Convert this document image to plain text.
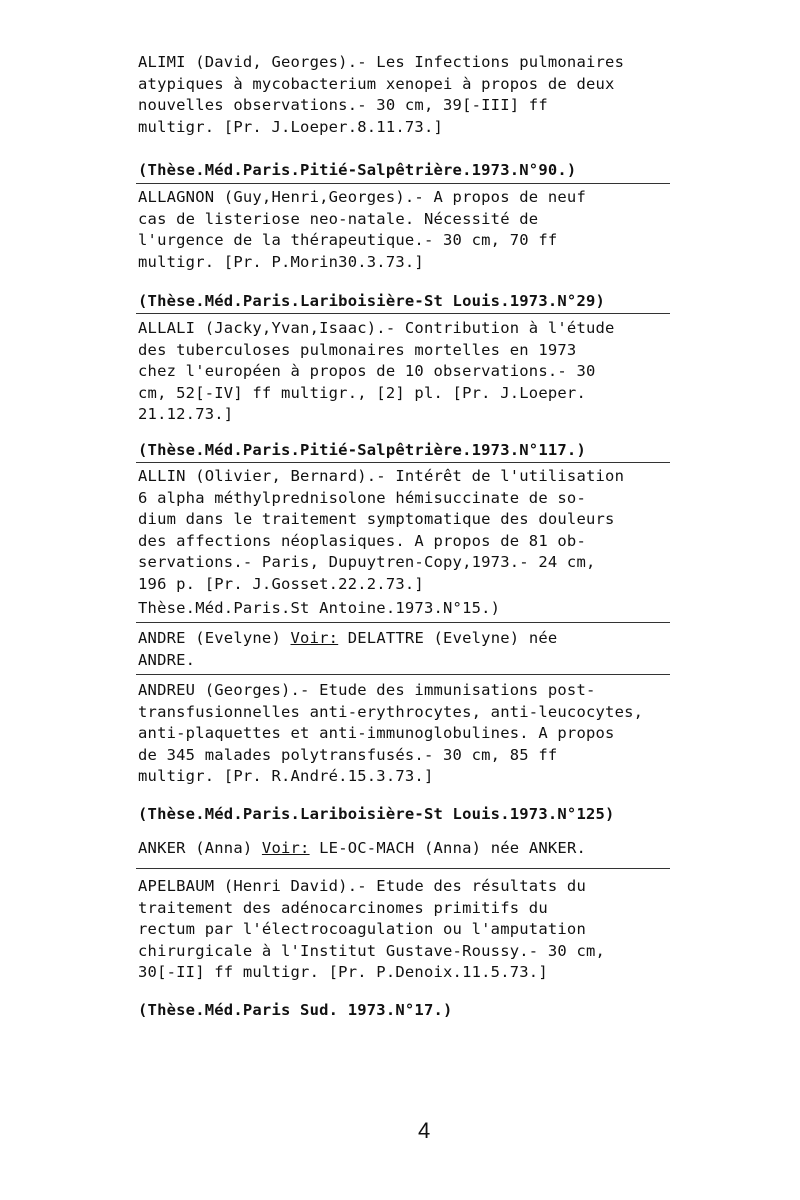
ALIMI (David, Georges).- Les Infections pulmonaires
atypiques à mycobacterium xenopei à propos de deux
nouvelles observations.- 30 cm, 39[-III] ff
multigr. [Pr. J.Loeper.8.11.73.]
(Thèse.Méd.Paris.Pitié-Salpêtrière.1973.N°90.)
ALLAGNON (Guy,Henri,Georges).- A propos de neuf
cas de listeriose neo-natale. Nécessité de
l'urgence de la thérapeutique.- 30 cm, 70 ff
multigr. [Pr. P.Morin30.3.73.]
(Thèse.Méd.Paris.Lariboisière-St Louis.1973.N°29)
ALLALI (Jacky,Yvan,Isaac).- Contribution à l'étude
des tuberculoses pulmonaires mortelles en 1973
chez l'européen à propos de 10 observations.- 30
cm, 52[-IV] ff multigr., [2] pl. [Pr. J.Loeper.
21.12.73.]
(Thèse.Méd.Paris.Pitié-Salpêtrière.1973.N°117.)
ALLIN (Olivier, Bernard).- Intérêt de l'utilisation
6 alpha méthylprednisolone hémisuccinate de so-
dium dans le traitement symptomatique des douleurs
des affections néoplasiques. A propos de 81 ob-
servations.- Paris, Dupuytren-Copy,1973.- 24 cm,
196 p. [Pr. J.Gosset.22.2.73.]
Thèse.Méd.Paris.St Antoine.1973.N°15.)
ANDRE (Evelyne) Voir: DELATTRE (Evelyne) née
ANDRE.
ANDREU (Georges).- Etude des immunisations post-
transfusionnelles anti-erythrocytes, anti-leucocytes,
anti-plaquettes et anti-immunoglobulines. A propos
de 345 malades polytransfusés.- 30 cm, 85 ff
multigr. [Pr. R.André.15.3.73.]
(Thèse.Méd.Paris.Lariboisière-St Louis.1973.N°125)
ANKER (Anna) Voir: LE-OC-MACH (Anna) née ANKER.
APELBAUM (Henri David).- Etude des résultats du
traitement des adénocarcinomes primitifs du
rectum par l'électrocoagulation ou l'amputation
chirurgicale à l'Institut Gustave-Roussy.- 30 cm,
30[-II] ff multigr. [Pr. P.Denoix.11.5.73.]
(Thèse.Méd.Paris Sud. 1973.N°17.)
4
